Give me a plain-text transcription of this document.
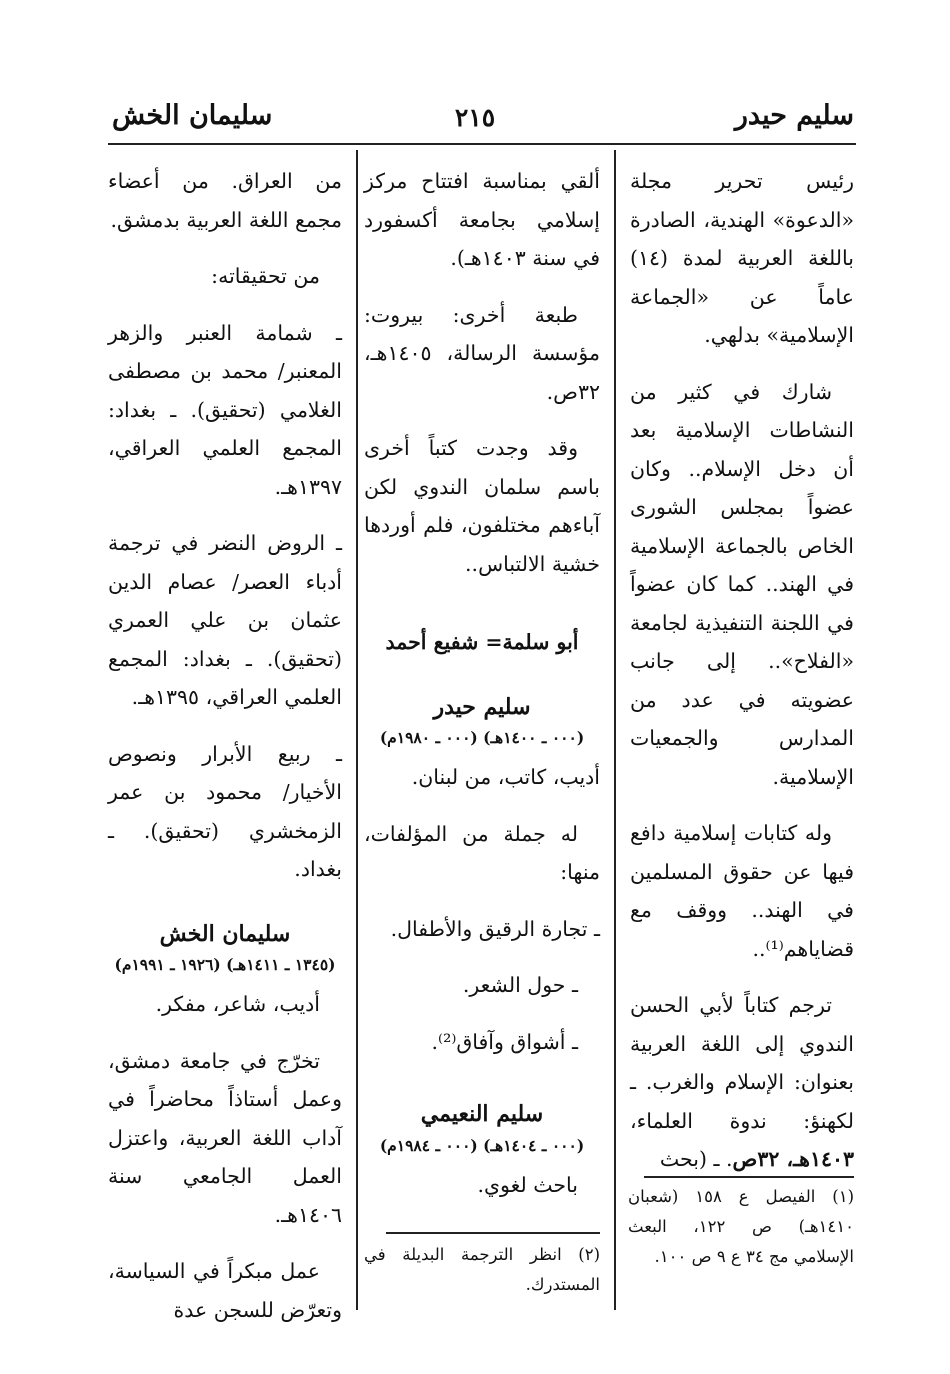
سليم حيدر
٢١٥
سليمان الخش

رئيس تحرير مجلة «الدعوة» الهندية، الصادرة باللغة العربية لمدة (١٤) عاماً عن «الجماعة الإسلامية» بدلهي.

شارك في كثير من النشاطات الإسلامية بعد أن دخل الإسلام.. وكان عضواً بمجلس الشورى الخاص بالجماعة الإسلامية في الهند.. كما كان عضواً في اللجنة التنفيذية لجامعة «الفلاح».. إلى جانب عضويته في عدد من المدارس والجمعيات الإسلامية.

وله كتابات إسلامية دافع فيها عن حقوق المسلمين في الهند.. ووقف مع قضاياهم⁽¹⁾..

ترجم كتاباً لأبي الحسن الندوي إلى اللغة العربية بعنوان: الإسلام والغرب. ـ لكهنؤ: ندوة العلماء، ١٤٠٣هـ، ٣٢ص. ـ (بحث

ألقي بمناسبة افتتاح مركز إسلامي بجامعة أكسفورد في سنة ١٤٠٣هـ).

طبعة أخرى: بيروت: مؤسسة الرسالة، ١٤٠٥هـ، ٣٢ص.

وقد وجدت كتباً أخرى باسم سلمان الندوي لكن آباءهم مختلفون، فلم أوردها خشية الالتباس..

أبو سلمة= شفيع أحمد

سليم حيدر

(٠٠٠ ـ ١٤٠٠هـ) (٠٠٠ ـ ١٩٨٠م)

أديب، كاتب، من لبنان.

له جملة من المؤلفات، منها:

ـ تجارة الرقيق والأطفال.

ـ حول الشعر.

ـ أشواق وآفاق⁽²⁾.

سليم النعيمي

(٠٠٠ ـ ١٤٠٤هـ) (٠٠٠ ـ ١٩٨٤م)

باحث لغوي.

من العراق. من أعضاء مجمع اللغة العربية بدمشق.

من تحقيقاته:

ـ شمامة العنبر والزهر المعنبر/ محمد بن مصطفى الغلامي (تحقيق). ـ بغداد: المجمع العلمي العراقي، ١٣٩٧هـ.

ـ الروض النضر في ترجمة أدباء العصر/ عصام الدين عثمان بن علي العمري (تحقيق). ـ بغداد: المجمع العلمي العراقي، ١٣٩٥هـ.

ـ ربيع الأبرار ونصوص الأخيار/ محمود بن عمر الزمخشري (تحقيق). ـ بغداد.

سليمان الخش

(١٣٤٥ ـ ١٤١١هـ) (١٩٢٦ ـ ١٩٩١م)

أديب، شاعر، مفكر.

تخرّج في جامعة دمشق، وعمل أستاذاً محاضراً في آداب اللغة العربية، واعتزل العمل الجامعي سنة ١٤٠٦هـ.

عمل مبكراً في السياسة، وتعرّض للسجن عدة

(١) الفيصل ع ١٥٨ (شعبان ١٤١٠هـ) ص ١٢٢، البعث الإسلامي مج ٣٤ ع ٩ ص ١٠٠.
(٢) انظر الترجمة البديلة في المستدرك.
